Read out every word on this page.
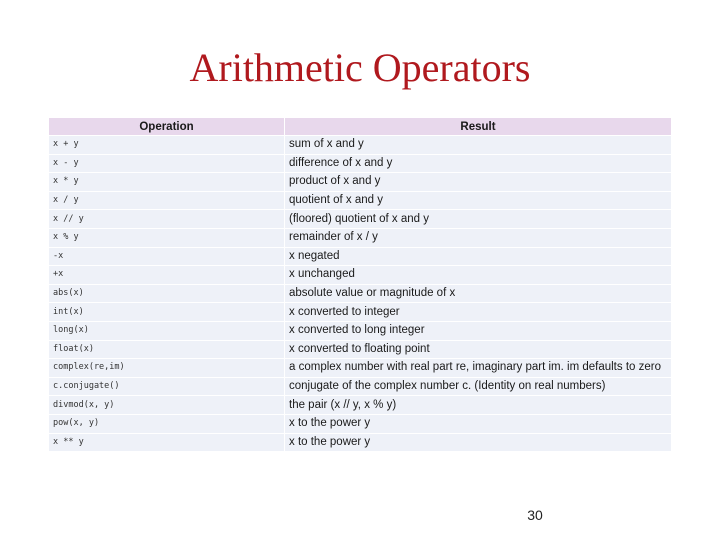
Arithmetic Operators
Operation	Result
x + y	sum of x and y
x - y	difference of x and y
x * y	product of x and y
x / y	quotient of x and y
x // y	(floored) quotient of x and y
x % y	remainder of x / y
-x	x negated
+x	x unchanged
abs(x)	absolute value or magnitude of x
int(x)	x converted to integer
long(x)	x converted to long integer
float(x)	x converted to floating point
complex(re,im)	a complex number with real part re, imaginary part im. im defaults to zero
c.conjugate()	conjugate of the complex number c. (Identity on real numbers)
divmod(x, y)	the pair (x // y, x % y)
pow(x, y)	x to the power y
x ** y	x to the power y
30
